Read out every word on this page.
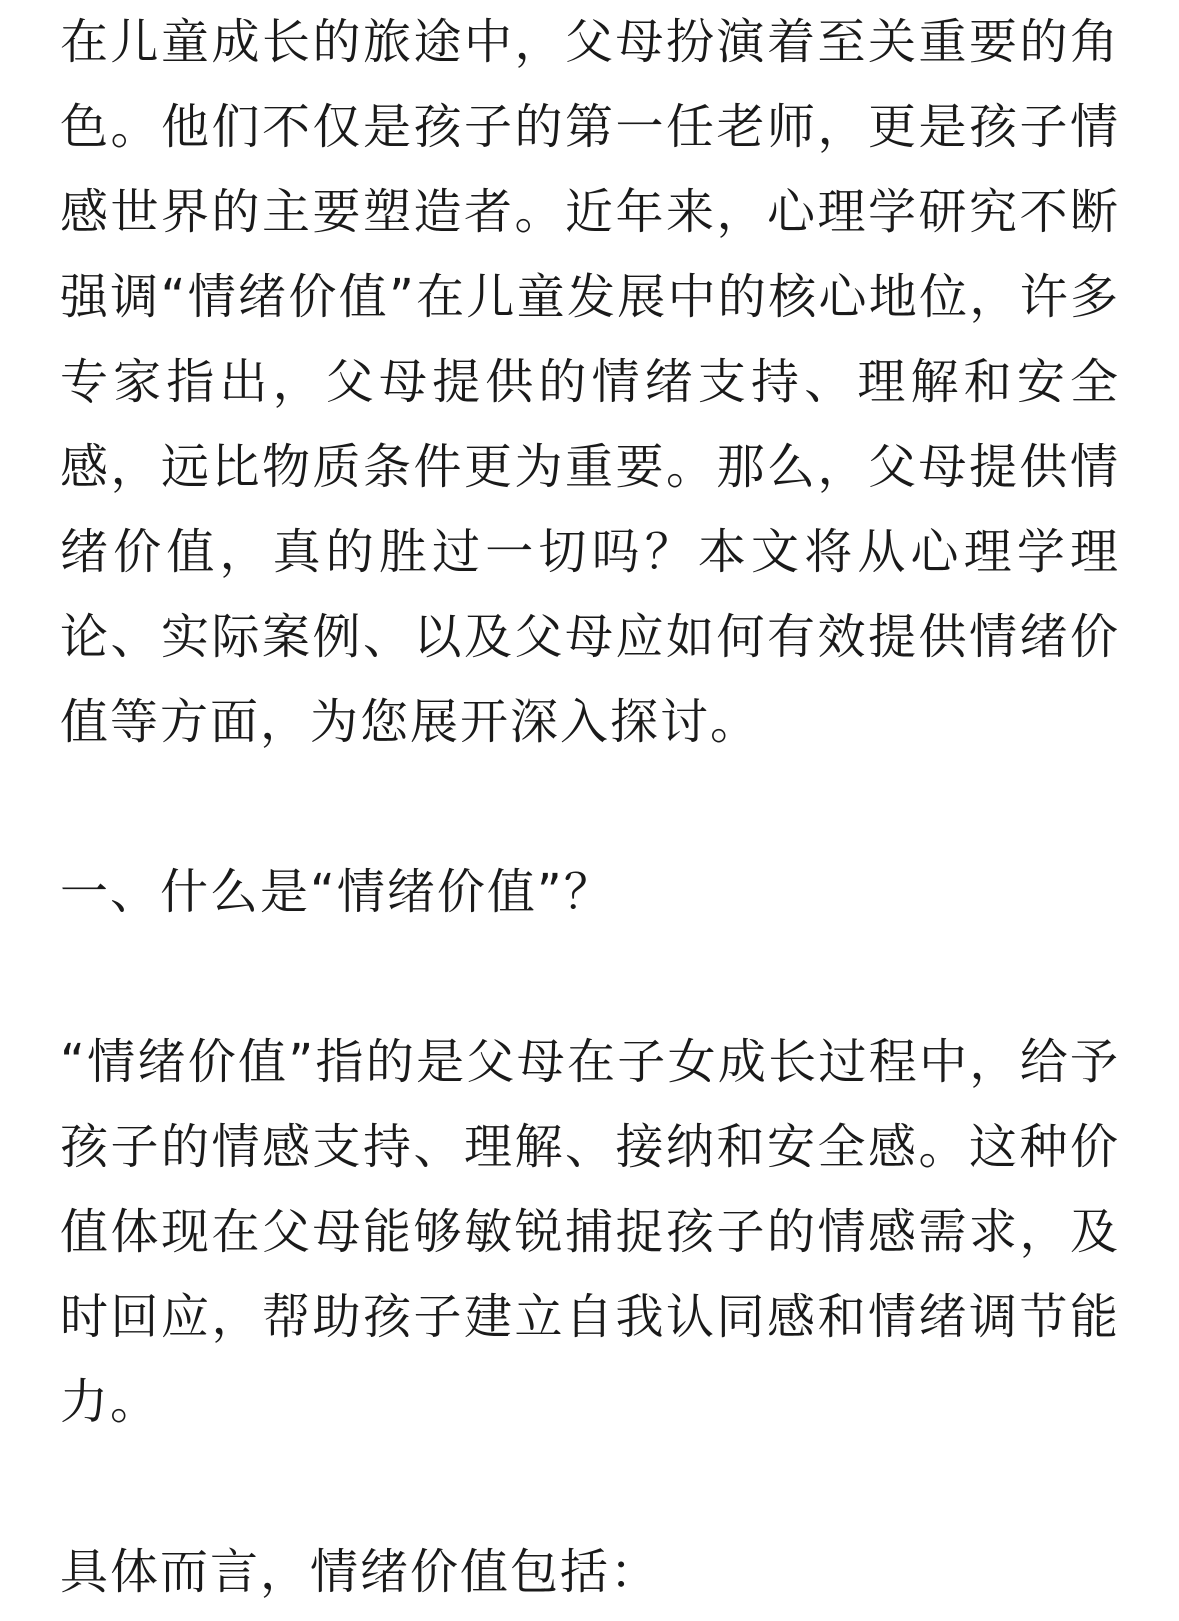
在儿童成长的旅途中，父母扮演着至关重要的角色。他们不仅是孩子的第一任老师，更是孩子情感世界的主要塑造者。近年来，心理学研究不断强调“情绪价值”在儿童发展中的核心地位，许多专家指出，父母提供的情绪支持、理解和安全感，远比物质条件更为重要。那么，父母提供情绪价值，真的胜过一切吗？本文将从心理学理论、实际案例、以及父母应如何有效提供情绪价值等方面，为您展开深入探讨。

一、什么是“情绪价值”？

“情绪价值”指的是父母在子女成长过程中，给予孩子的情感支持、理解、接纳和安全感。这种价值体现在父母能够敏锐捕捉孩子的情感需求，及时回应，帮助孩子建立自我认同感和情绪调节能力。

具体而言，情绪价值包括：
